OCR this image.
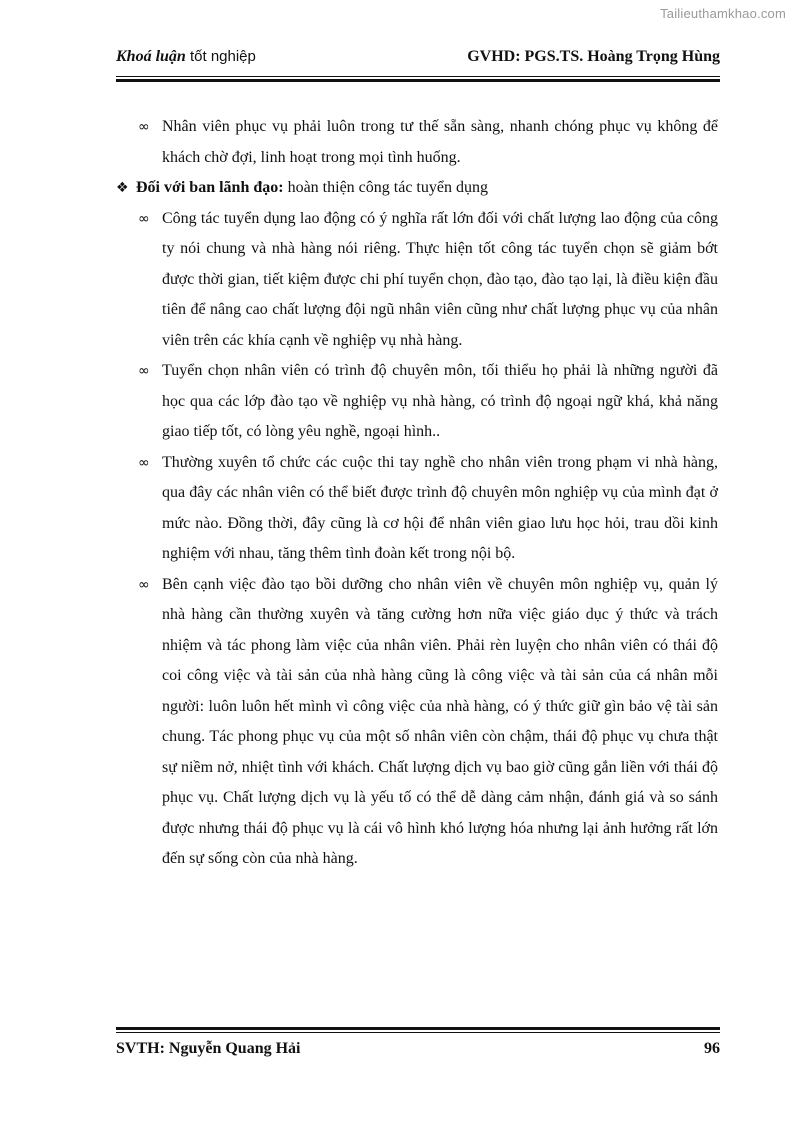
Tailieuthamkhao.com
Khoá luận tốt nghiệp	GVHD: PGS.TS. Hoàng Trọng Hùng
∞ Nhân viên phục vụ phải luôn trong tư thế sẵn sàng, nhanh chóng phục vụ không để khách chờ đợi, linh hoạt trong mọi tình huống.
❖ Đối với ban lãnh đạo: hoàn thiện công tác tuyển dụng
∞ Công tác tuyển dụng lao động có ý nghĩa rất lớn đối với chất lượng lao động của công ty nói chung và nhà hàng nói riêng. Thực hiện tốt công tác tuyển chọn sẽ giảm bớt được thời gian, tiết kiệm được chi phí tuyển chọn, đào tạo, đào tạo lại, là điều kiện đầu tiên để nâng cao chất lượng đội ngũ nhân viên cũng như chất lượng phục vụ của nhân viên trên các khía cạnh về nghiệp vụ nhà hàng.
∞ Tuyển chọn nhân viên có trình độ chuyên môn, tối thiểu họ phải là những người đã học qua các lớp đào tạo về nghiệp vụ nhà hàng, có trình độ ngoại ngữ khá, khả năng giao tiếp tốt, có lòng yêu nghề, ngoại hình..
∞ Thường xuyên tổ chức các cuộc thi tay nghề cho nhân viên trong phạm vi nhà hàng, qua đây các nhân viên có thể biết được trình độ chuyên môn nghiệp vụ của mình đạt ở mức nào. Đồng thời, đây cũng là cơ hội để nhân viên giao lưu học hỏi, trau dồi kinh nghiệm với nhau, tăng thêm tình đoàn kết trong nội bộ.
∞ Bên cạnh việc đào tạo bồi dưỡng cho nhân viên về chuyên môn nghiệp vụ, quản lý nhà hàng cần thường xuyên và tăng cường hơn nữa việc giáo dục ý thức và trách nhiệm và tác phong làm việc của nhân viên. Phải rèn luyện cho nhân viên có thái độ coi công việc và tài sản của nhà hàng cũng là công việc và tài sản của cá nhân mỗi người: luôn luôn hết mình vì công việc của nhà hàng, có ý thức giữ gìn bảo vệ tài sản chung. Tác phong phục vụ của một số nhân viên còn chậm, thái độ phục vụ chưa thật sự niềm nở, nhiệt tình với khách. Chất lượng dịch vụ bao giờ cũng gắn liền với thái độ phục vụ. Chất lượng dịch vụ là yếu tố có thể dễ dàng cảm nhận, đánh giá và so sánh được nhưng thái độ phục vụ là cái vô hình khó lượng hóa nhưng lại ảnh hưởng rất lớn đến sự sống còn của nhà hàng.
SVTH: Nguyễn Quang Hải	96
